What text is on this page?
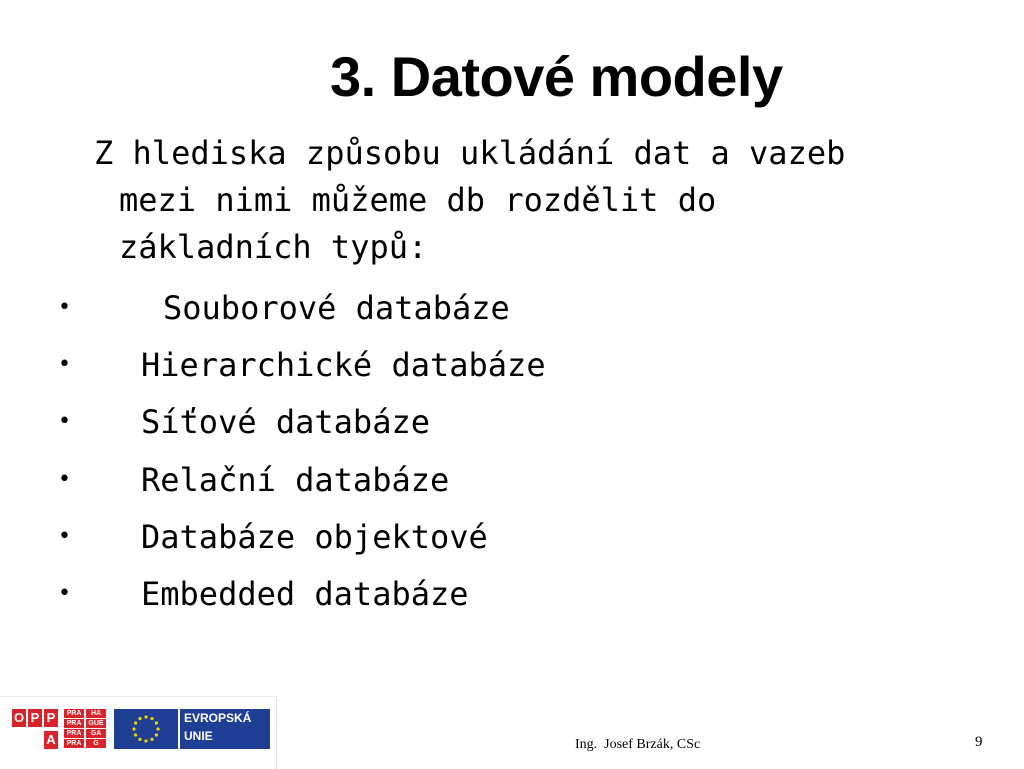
3. Datové modely
Z hlediska způsobu ukládání dat a vazeb
mezi nimi můžeme db rozdělit do
základních typů:

•

	Souborové databáze

•

Hierarchické databáze

•

Síťové databáze

•

Relační databáze

•

Databáze objektové

•

Embedded databáze

O P P
A
PRA	HA
PRA	GUE
PRA	GA
PRA	G
EVROPSKÁ
UNIE
Ing.  Josef Brzák, CSc	9
